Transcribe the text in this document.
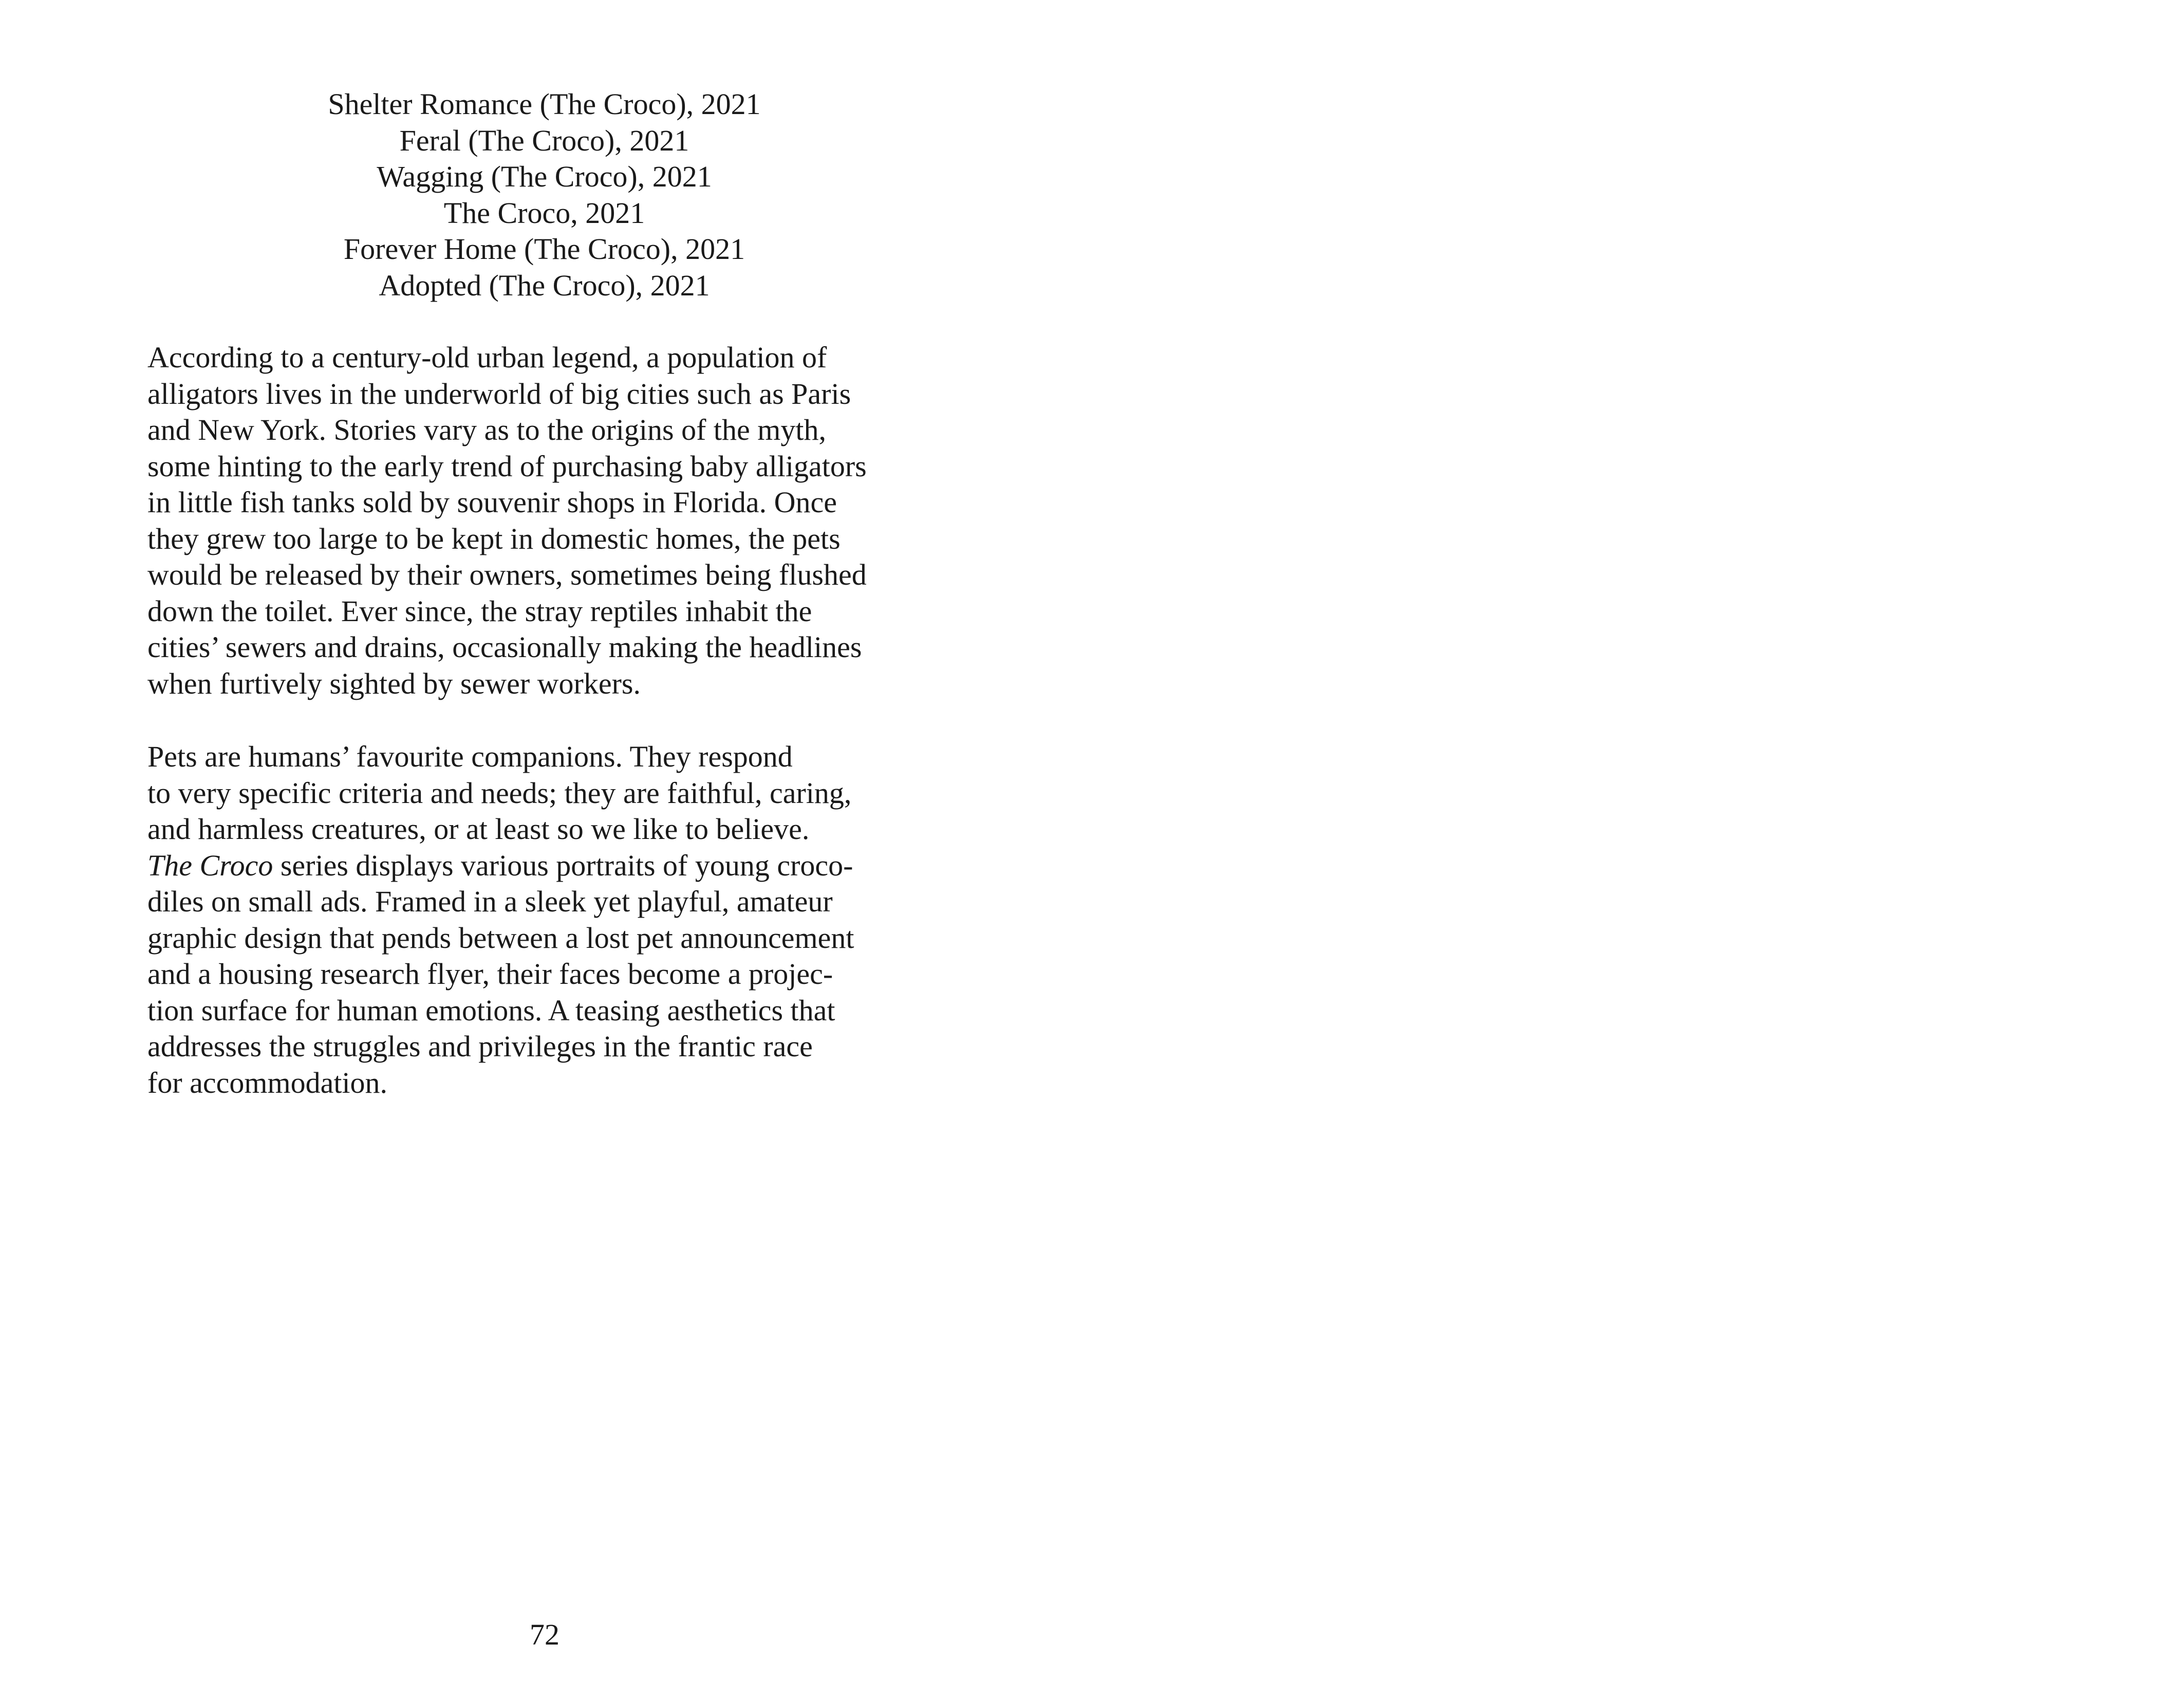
Shelter Romance (The Croco), 2021
Feral (The Croco), 2021
Wagging (The Croco), 2021
The Croco, 2021
Forever Home (The Croco), 2021
Adopted (The Croco), 2021

According to a century-old urban legend, a population of
alligators lives in the underworld of big cities such as Paris
and New York. Stories vary as to the origins of the myth,
some hinting to the early trend of purchasing baby alligators
in little fish tanks sold by souvenir shops in Florida. Once
they grew too large to be kept in domestic homes, the pets
would be released by their owners, sometimes being flushed
down the toilet. Ever since, the stray reptiles inhabit the
cities’ sewers and drains, occasionally making the headlines
when furtively sighted by sewer workers.

Pets are humans’ favourite companions. They respond
to very specific criteria and needs; they are faithful, caring,
and harmless creatures, or at least so we like to believe.
The Croco series displays various portraits of young croco-
diles on small ads. Framed in a sleek yet playful, amateur
graphic design that pends between a lost pet announcement
and a housing research flyer, their faces become a projec-
tion surface for human emotions. A teasing aesthetics that
addresses the struggles and privileges in the frantic race
for accommodation.

72
